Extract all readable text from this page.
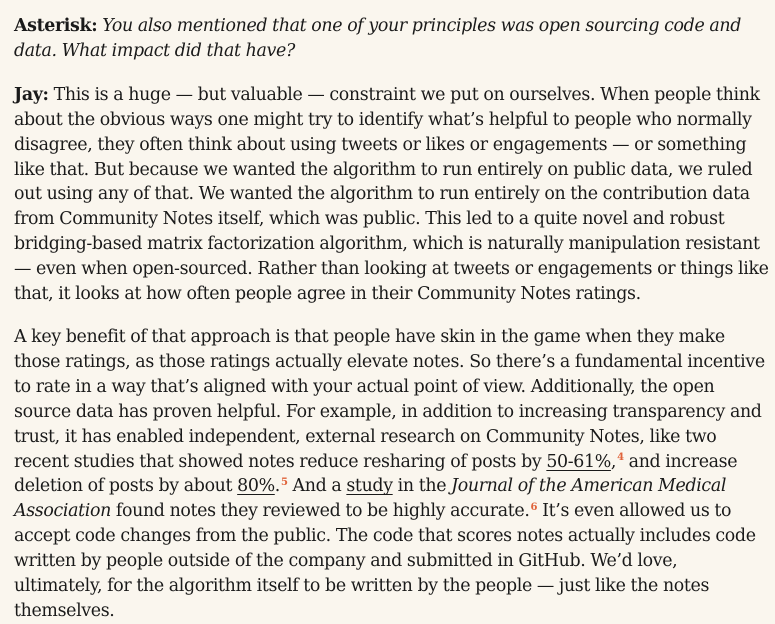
Asterisk: You also mentioned that one of your principles was open sourcing code and data. What impact did that have?

Jay: This is a huge — but valuable — constraint we put on ourselves. When people think about the obvious ways one might try to identify what’s helpful to people who normally disagree, they often think about using tweets or likes or engagements — or something like that. But because we wanted the algorithm to run entirely on public data, we ruled out using any of that. We wanted the algorithm to run entirely on the contribution data from Community Notes itself, which was public. This led to a quite novel and robust bridging-based matrix factorization algorithm, which is naturally manipulation resistant — even when open-sourced. Rather than looking at tweets or engagements or things like that, it looks at how often people agree in their Community Notes ratings.

A key benefit of that approach is that people have skin in the game when they make those ratings, as those ratings actually elevate notes. So there’s a fundamental incentive to rate in a way that’s aligned with your actual point of view. Additionally, the open source data has proven helpful. For example, in addition to increasing transparency and trust, it has enabled independent, external research on Community Notes, like two recent studies that showed notes reduce resharing of posts by 50-61%,$^4$ and increase deletion of posts by about 80%.$^5$ And a study in the Journal of the American Medical Association found notes they reviewed to be highly accurate.$^6$ It’s even allowed us to accept code changes from the public. The code that scores notes actually includes code written by people outside of the company and submitted in GitHub. We’d love, ultimately, for the algorithm itself to be written by the people — just like the notes themselves.
